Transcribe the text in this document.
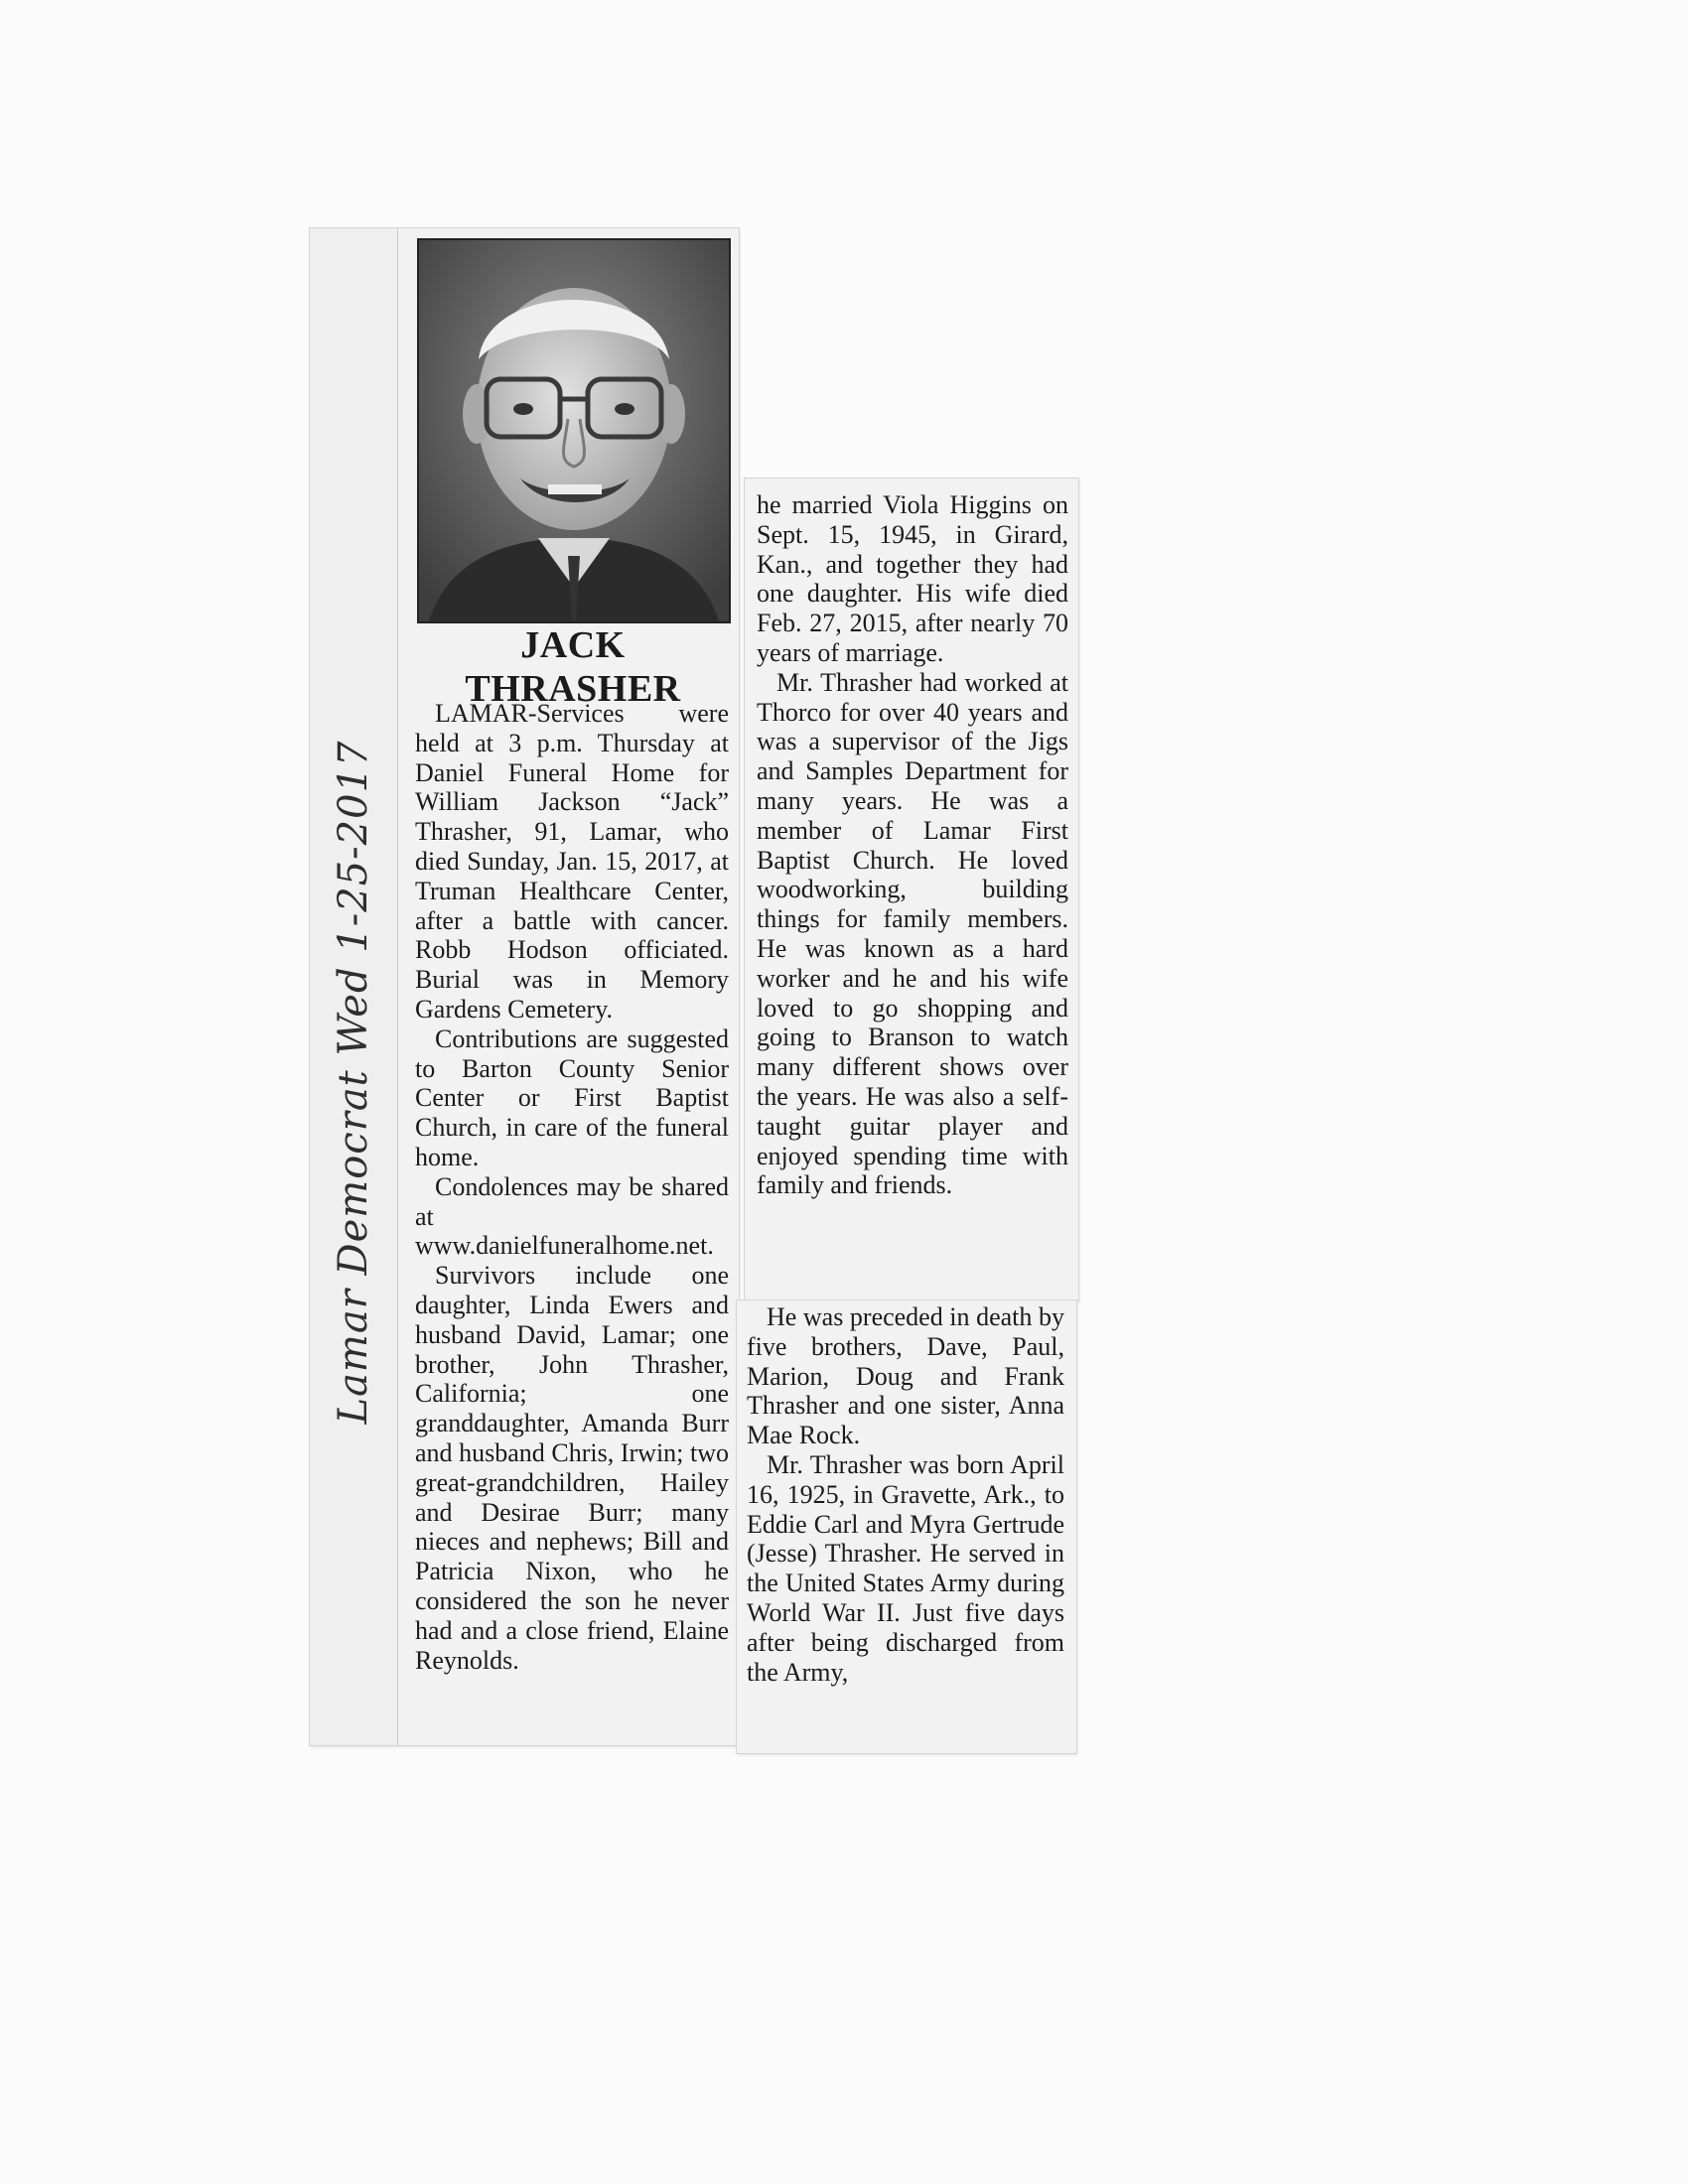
Lamar Democrat Wed 1-25-2017
JACK THRASHER

LAMAR-Services were held at 3 p.m. Thursday at Daniel Funeral Home for William Jackson “Jack” Thrasher, 91, Lamar, who died Sunday, Jan. 15, 2017, at Truman Healthcare Center, after a battle with cancer. Robb Hodson officiated. Burial was in Memory Gardens Cemetery.

Contributions are suggested to Barton County Senior Center or First Baptist Church, in care of the funeral home.

Condolences may be shared at www.danielfuneralhome.net.

Survivors include one daughter, Linda Ewers and husband David, Lamar; one brother, John Thrasher, California; one granddaughter, Amanda Burr and husband Chris, Irwin; two great-grandchildren, Hailey and Desirae Burr; many nieces and nephews; Bill and Patricia Nixon, who he considered the son he never had and a close friend, Elaine Reynolds.

he married Viola Higgins on Sept. 15, 1945, in Girard, Kan., and together they had one daughter. His wife died Feb. 27, 2015, after nearly 70 years of marriage.

Mr. Thrasher had worked at Thorco for over 40 years and was a supervisor of the Jigs and Samples Department for many years. He was a member of Lamar First Baptist Church. He loved woodworking, building things for family members. He was known as a hard worker and he and his wife loved to go shopping and going to Branson to watch many different shows over the years. He was also a self-taught guitar player and enjoyed spending time with family and friends.

He was preceded in death by five brothers, Dave, Paul, Marion, Doug and Frank Thrasher and one sister, Anna Mae Rock.

Mr. Thrasher was born April 16, 1925, in Gravette, Ark., to Eddie Carl and Myra Gertrude (Jesse) Thrasher. He served in the United States Army during World War II. Just five days after being discharged from the Army,
